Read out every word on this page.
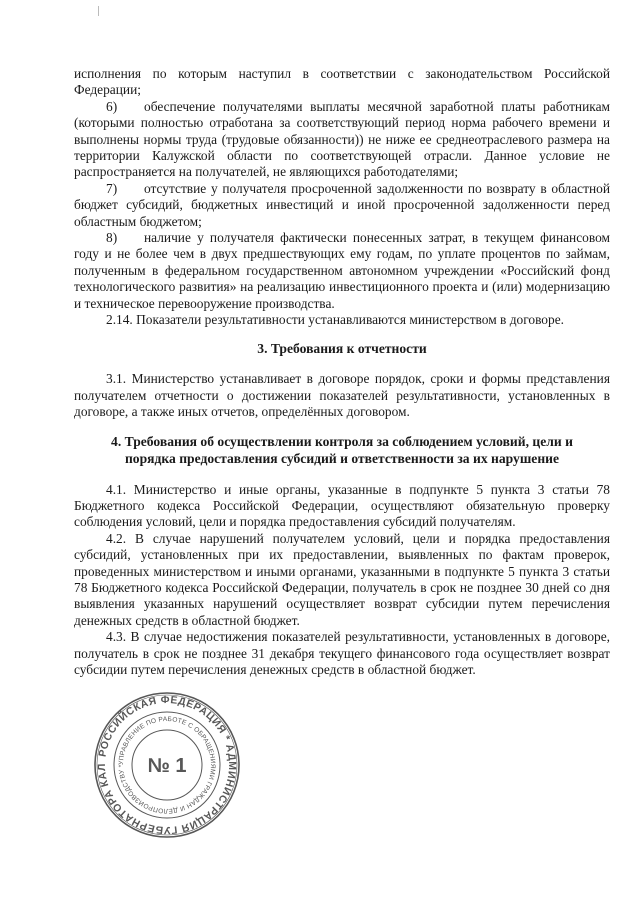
исполнения по которым наступил в соответствии с законодательством Российской Федерации;

6) обеспечение получателями выплаты месячной заработной платы работникам (которыми полностью отработана за соответствующий период норма рабочего времени и выполнены нормы труда (трудовые обязанности)) не ниже ее среднеотраслевого размера на территории Калужской области по соответствующей отрасли. Данное условие не распространяется на получателей, не являющихся работодателями;

7) отсутствие у получателя просроченной задолженности по возврату в областной бюджет субсидий, бюджетных инвестиций и иной просроченной задолженности перед областным бюджетом;

8) наличие у получателя фактически понесенных затрат, в текущем финансовом году и не более чем в двух предшествующих ему годам, по уплате процентов по займам, полученным в федеральном государственном автономном учреждении «Российский фонд технологического развития» на реализацию инвестиционного проекта и (или) модернизацию и техническое перевооружение производства.

2.14. Показатели результативности устанавливаются министерством в договоре.

3. Требования к отчетности

3.1. Министерство устанавливает в договоре порядок, сроки и формы представления получателем отчетности о достижении показателей результативности, установленных в договоре, а также иных отчетов, определённых договором.

4. Требования об осуществлении контроля за соблюдением условий, цели и порядка предоставления субсидий и ответственности за их нарушение

4.1. Министерство и иные органы, указанные в подпункте 5 пункта 3 статьи 78 Бюджетного кодекса Российской Федерации, осуществляют обязательную проверку соблюдения условий, цели и порядка предоставления субсидий получателям.

4.2. В случае нарушений получателем условий, цели и порядка предоставления субсидий, установленных при их предоставлении, выявленных по фактам проверок, проведенных министерством и иными органами, указанными в подпункте 5 пункта 3 статьи 78 Бюджетного кодекса Российской Федерации, получатель в срок не позднее 30 дней со дня выявления указанных нарушений осуществляет возврат субсидии путем перечисления денежных средств в областной бюджет.

4.3. В случае недостижения показателей результативности, установленных в договоре, получатель в срок не позднее 31 декабря текущего финансового года осуществляет возврат субсидии путем перечисления денежных средств в областной бюджет.

РОССИЙСКАЯ ФЕДЕРАЦИЯ * АДМИНИСТРАЦИЯ ГУБЕРНАТОРА КАЛ
УПРАВЛЕНИЕ ПО РАБОТЕ С ОБРАЩЕНИЯМИ ГРАЖДАН И ДЕЛОПРОИЗВОДСТВУ *	№ 1
